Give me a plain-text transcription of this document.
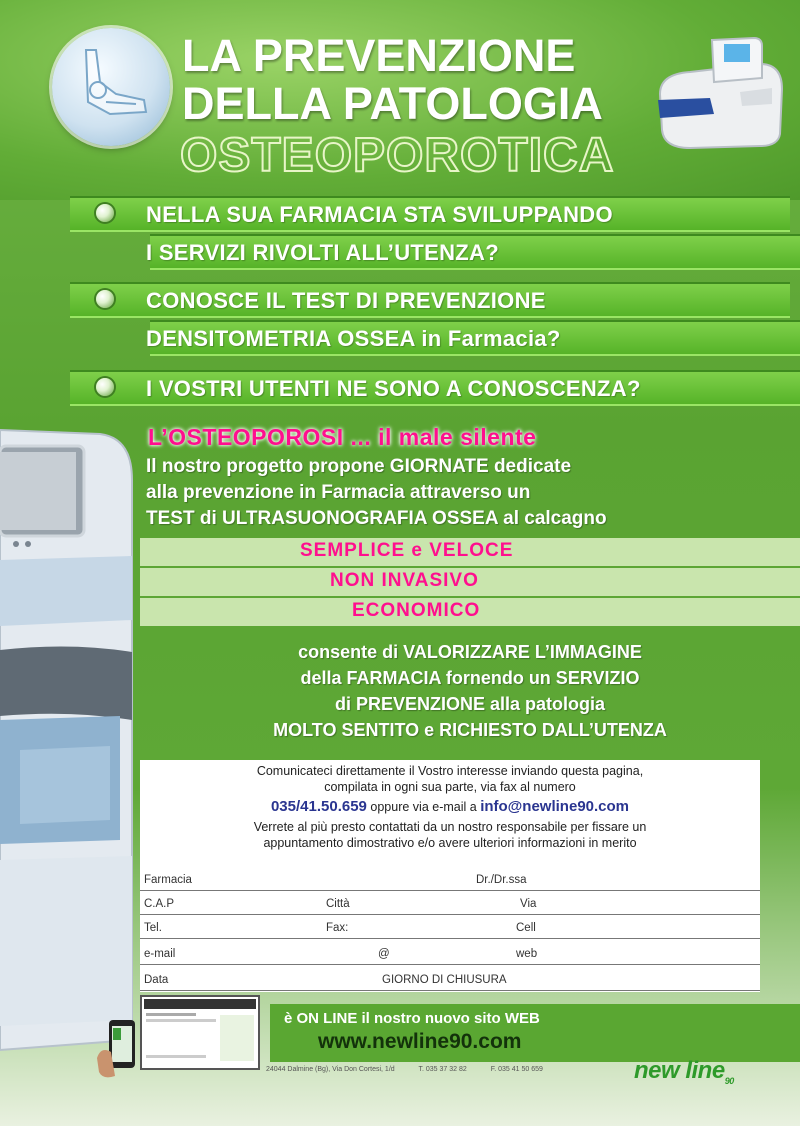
LA PREVENZIONE
DELLA PATOLOGIA
OSTEOPOROTICA
NELLA SUA FARMACIA STA SVILUPPANDO
I SERVIZI RIVOLTI ALL’UTENZA?
CONOSCE IL TEST DI PREVENZIONE
DENSITOMETRIA OSSEA in Farmacia?
I VOSTRI UTENTI NE SONO A CONOSCENZA?
L’OSTEOPOROSI ... il male silente
Il nostro progetto propone GIORNATE dedicate
alla prevenzione in Farmacia attraverso un
TEST di ULTRASUONOGRAFIA OSSEA al calcagno
SEMPLICE e VELOCE
NON INVASIVO
ECONOMICO
consente di VALORIZZARE L’IMMAGINE
della FARMACIA fornendo un SERVIZIO
di PREVENZIONE alla patologia
MOLTO SENTITO e RICHIESTO DALL’UTENZA
Comunicateci direttamente il Vostro interesse inviando questa pagina,
compilata in ogni sua parte, via fax al numero
035/41.50.659 oppure via e-mail a info@newline90.com
Verrete al più presto contattati da un nostro responsabile per fissare un
appuntamento dimostrativo e/o avere ulteriori informazioni in merito
Farmacia	Dr./Dr.ssa
C.A.P	Città	Via
Tel.	Fax:	Cell
e-mail	@	web
Data	GIORNO DI CHIUSURA
è ON LINE il nostro nuovo sito WEB
www.newline90.com
24044 Dalmine (Bg), Via Don Cortesi, 1/d	T. 035 37 32 82	F. 035 41 50 659	new line$_{90}$
